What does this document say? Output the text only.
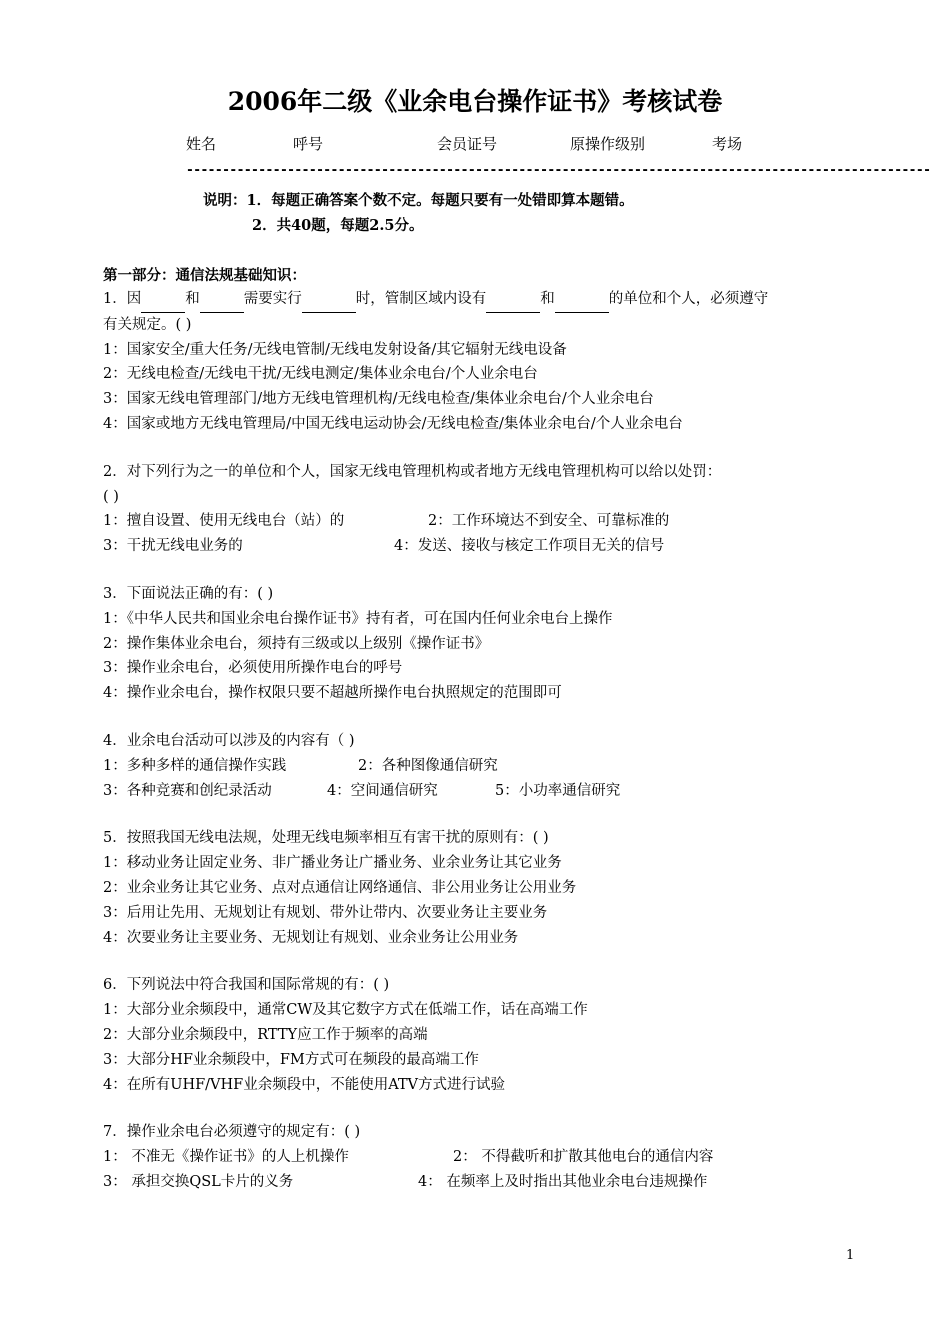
2006年二级《业余电台操作证书》考核试卷
姓名	呼号	会员证号	原操作级别	考场
-------------------------------------------------------------------------------------------------------
说明：1．每题正确答案个数不定。每题只要有一处错即算本题错。
2．共40题，每题2.5分。
第一部分：通信法规基础知识：

1．因	和	需要实行	时，管制区域内设有	和	的单位和个人，必须遵守

有关规定。( )

1：国家安全/重大任务/无线电管制/无线电发射设备/其它辐射无线电设备

2：无线电检查/无线电干扰/无线电测定/集体业余电台/个人业余电台

3：国家无线电管理部门/地方无线电管理机构/无线电检查/集体业余电台/个人业余电台

4：国家或地方无线电管理局/中国无线电运动协会/无线电检查/集体业余电台/个人业余电台

2．对下列行为之一的单位和个人，国家无线电管理机构或者地方无线电管理机构可以给以处罚：

( )

1：擅自设置、使用无线电台（站）的	2：工作环境达不到安全、可靠标准的

3：干扰无线电业务的	4：发送、接收与核定工作项目无关的信号

3．下面说法正确的有：( )

1：《中华人民共和国业余电台操作证书》持有者，可在国内任何业余电台上操作

2：操作集体业余电台，须持有三级或以上级别《操作证书》

3：操作业余电台，必须使用所操作电台的呼号

4：操作业余电台，操作权限只要不超越所操作电台执照规定的范围即可

4．业余电台活动可以涉及的内容有（ )

1：多种多样的通信操作实践	2：各种图像通信研究

3：各种竞赛和创纪录活动	4：空间通信研究	5：小功率通信研究

5．按照我国无线电法规，处理无线电频率相互有害干扰的原则有：( )

1：移动业务让固定业务、非广播业务让广播业务、业余业务让其它业务

2：业余业务让其它业务、点对点通信让网络通信、非公用业务让公用业务

3：后用让先用、无规划让有规划、带外让带内、次要业务让主要业务

4：次要业务让主要业务、无规划让有规划、业余业务让公用业务

6．下列说法中符合我国和国际常规的有：( )

1：大部分业余频段中，通常CW及其它数字方式在低端工作，话在高端工作

2：大部分业余频段中，RTTY应工作于频率的高端

3：大部分HF业余频段中，FM方式可在频段的最高端工作

4：在所有UHF/VHF业余频段中，不能使用ATV方式进行试验

7．操作业余电台必须遵守的规定有：( )

1： 不准无《操作证书》的人上机操作	2： 不得截听和扩散其他电台的通信内容

3： 承担交换QSL卡片的义务	4： 在频率上及时指出其他业余电台违规操作

1
